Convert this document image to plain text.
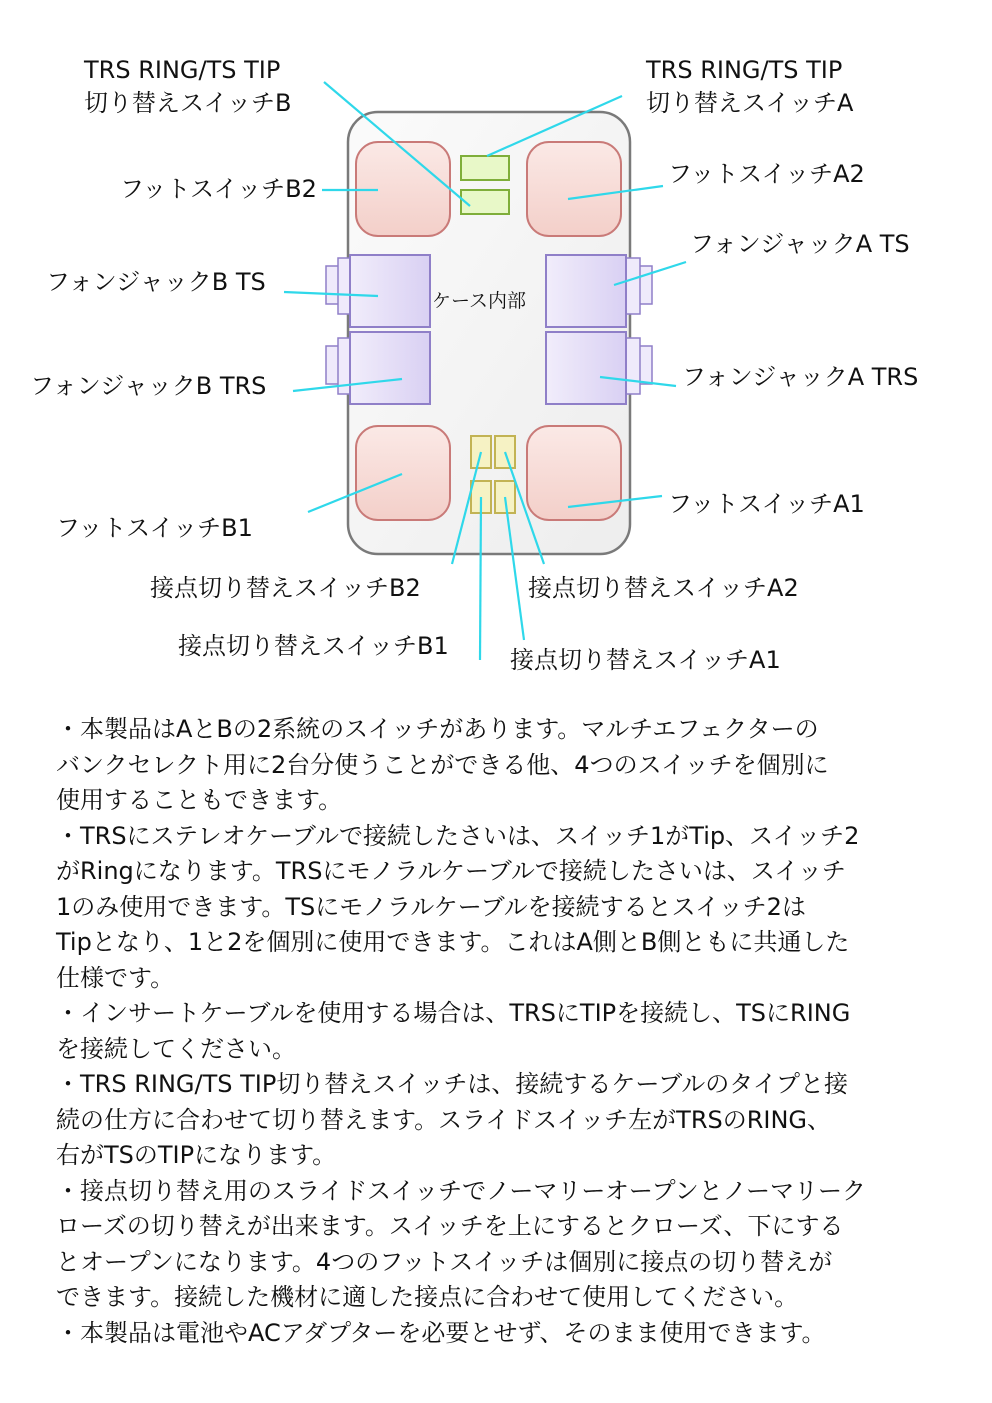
ケース内部
TRS RING/TS TIP
切り替えスイッチB
TRS RING/TS TIP
切り替えスイッチA
フットスイッチB2
フットスイッチA2
フォンジャックA TS
フォンジャックB TS
フォンジャックB TRS	フォンジャックA TRS
フットスイッチA1
フットスイッチB1
接点切り替えスイッチB2	接点切り替えスイッチA2
接点切り替えスイッチB1	接点切り替えスイッチA1
・本製品はAとBの2系統のスイッチがあります。マルチエフェクターの
バンクセレクト用に2台分使うことができる他、4つのスイッチを個別に
使用することもできます。
・TRSにステレオケーブルで接続したさいは、スイッチ1がTip、スイッチ2
がRingになります。TRSにモノラルケーブルで接続したさいは、スイッチ
1のみ使用できます。TSにモノラルケーブルを接続するとスイッチ2は
Tipとなり、1と2を個別に使用できます。これはA側とB側ともに共通した
仕様です。
・インサートケーブルを使用する場合は、TRSにTIPを接続し、TSにRING
を接続してください。
・TRS RING/TS TIP切り替えスイッチは、接続するケーブルのタイプと接
続の仕方に合わせて切り替えます。スライドスイッチ左がTRSのRING、
右がTSのTIPになります。
・接点切り替え用のスライドスイッチでノーマリーオープンとノーマリーク
ローズの切り替えが出来ます。スイッチを上にするとクローズ、下にする
とオープンになります。4つのフットスイッチは個別に接点の切り替えが
できます。接続した機材に適した接点に合わせて使用してください。
・本製品は電池やACアダプターを必要とせず、そのまま使用できます。
